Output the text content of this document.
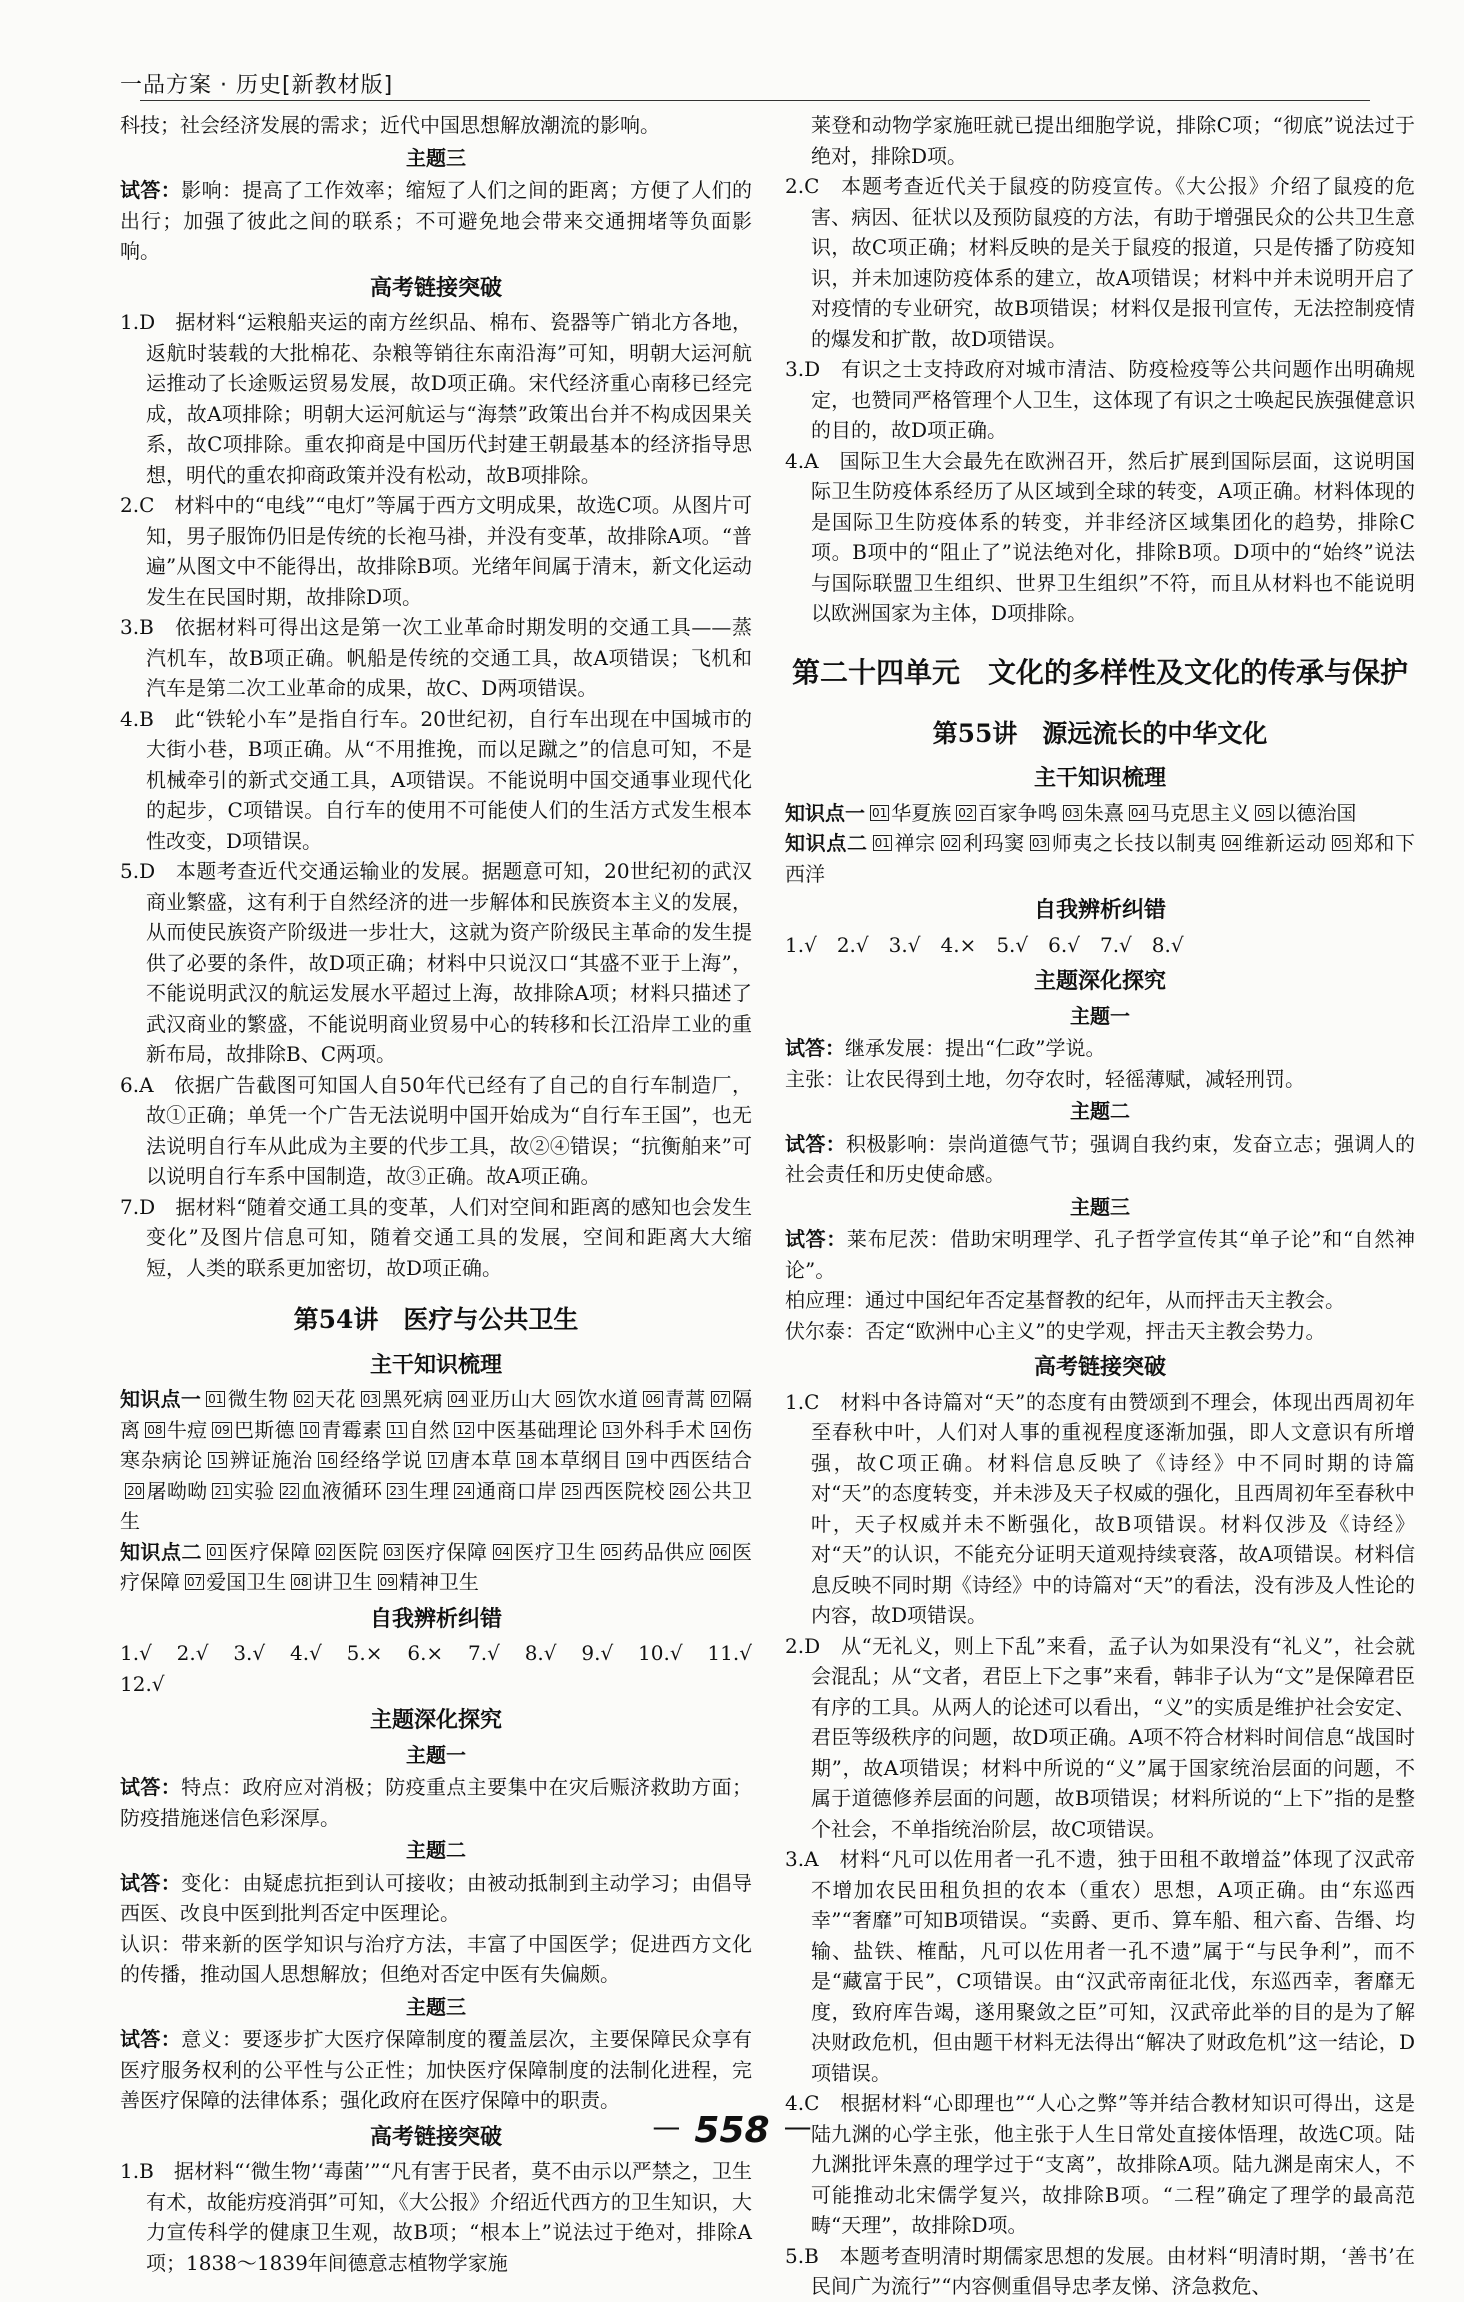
一品方案 · 历史[新教材版]

科技；社会经济发展的需求；近代中国思想解放潮流的影响。

主题三

试答：影响：提高了工作效率；缩短了人们之间的距离；方便了人们的出行；加强了彼此之间的联系；不可避免地会带来交通拥堵等负面影响。

高考链接突破

1.D　据材料“运粮船夹运的南方丝织品、棉布、瓷器等广销北方各地，返航时装载的大批棉花、杂粮等销往东南沿海”可知，明朝大运河航运推动了长途贩运贸易发展，故D项正确。宋代经济重心南移已经完成，故A项排除；明朝大运河航运与“海禁”政策出台并不构成因果关系，故C项排除。重农抑商是中国历代封建王朝最基本的经济指导思想，明代的重农抑商政策并没有松动，故B项排除。

2.C　材料中的“电线”“电灯”等属于西方文明成果，故选C项。从图片可知，男子服饰仍旧是传统的长袍马褂，并没有变革，故排除A项。“普遍”从图文中不能得出，故排除B项。光绪年间属于清末，新文化运动发生在民国时期，故排除D项。

3.B　依据材料可得出这是第一次工业革命时期发明的交通工具——蒸汽机车，故B项正确。帆船是传统的交通工具，故A项错误；飞机和汽车是第二次工业革命的成果，故C、D两项错误。

4.B　此“铁轮小车”是指自行车。20世纪初，自行车出现在中国城市的大街小巷，B项正确。从“不用推挽，而以足蹴之”的信息可知，不是机械牵引的新式交通工具，A项错误。不能说明中国交通事业现代化的起步，C项错误。自行车的使用不可能使人们的生活方式发生根本性改变，D项错误。

5.D　本题考查近代交通运输业的发展。据题意可知，20世纪初的武汉商业繁盛，这有利于自然经济的进一步解体和民族资本主义的发展，从而使民族资产阶级进一步壮大，这就为资产阶级民主革命的发生提供了必要的条件，故D项正确；材料中只说汉口“其盛不亚于上海”，不能说明武汉的航运发展水平超过上海，故排除A项；材料只描述了武汉商业的繁盛，不能说明商业贸易中心的转移和长江沿岸工业的重新布局，故排除B、C两项。

6.A　依据广告截图可知国人自50年代已经有了自己的自行车制造厂，故①正确；单凭一个广告无法说明中国开始成为“自行车王国”，也无法说明自行车从此成为主要的代步工具，故②④错误；“抗衡舶来”可以说明自行车系中国制造，故③正确。故A项正确。

7.D　据材料“随着交通工具的变革，人们对空间和距离的感知也会发生变化”及图片信息可知，随着交通工具的发展，空间和距离大大缩短，人类的联系更加密切，故D项正确。

第54讲　医疗与公共卫生
主干知识梳理

知识点一 01 微生物 02 天花 03 黑死病 04 亚历山大 05 饮水道 06 青蒿 07 隔离 08 牛痘 09 巴斯德 10 青霉素 11 自然 12 中医基础理论 13 外科手术 14 伤寒杂病论 15 辨证施治 16 经络学说 17 唐本草 18 本草纲目 19 中西医结合20 屠呦呦 21 实验 22 血液循环 23 生理 24 通商口岸 25 西医院校 26 公共卫生

知识点二 01 医疗保障 02 医院 03 医疗保障 04 医疗卫生 05 药品供应 06 医疗保障 07 爱国卫生 08 讲卫生 09 精神卫生

自我辨析纠错

1.√　2.√　3.√　4.√　5.×　6.×　7.√　8.√　9.√　10.√　11.√　12.√

主题深化探究
主题一

试答：特点：政府应对消极；防疫重点主要集中在灾后赈济救助方面；防疫措施迷信色彩深厚。

主题二

试答：变化：由疑虑抗拒到认可接收；由被动抵制到主动学习；由倡导西医、改良中医到批判否定中医理论。

认识：带来新的医学知识与治疗方法，丰富了中国医学；促进西方文化的传播，推动国人思想解放；但绝对否定中医有失偏颇。

主题三

试答：意义：要逐步扩大医疗保障制度的覆盖层次，主要保障民众享有医疗服务权利的公平性与公正性；加快医疗保障制度的法制化进程，完善医疗保障的法律体系；强化政府在医疗保障中的职责。

高考链接突破

1.B　据材料“‘微生物’‘毒菌’”“凡有害于民者，莫不由示以严禁之，卫生有术，故能疠疫消弭”可知，《大公报》介绍近代西方的卫生知识，大力宣传科学的健康卫生观，故B项；“根本上”说法过于绝对，排除A项；1838～1839年间德意志植物学家施

莱登和动物学家施旺就已提出细胞学说，排除C项；“彻底”说法过于绝对，排除D项。

2.C　本题考查近代关于鼠疫的防疫宣传。《大公报》介绍了鼠疫的危害、病因、征状以及预防鼠疫的方法，有助于增强民众的公共卫生意识，故C项正确；材料反映的是关于鼠疫的报道，只是传播了防疫知识，并未加速防疫体系的建立，故A项错误；材料中并未说明开启了对疫情的专业研究，故B项错误；材料仅是报刊宣传，无法控制疫情的爆发和扩散，故D项错误。

3.D　有识之士支持政府对城市清洁、防疫检疫等公共问题作出明确规定，也赞同严格管理个人卫生，这体现了有识之士唤起民族强健意识的目的，故D项正确。

4.A　国际卫生大会最先在欧洲召开，然后扩展到国际层面，这说明国际卫生防疫体系经历了从区域到全球的转变，A项正确。材料体现的是国际卫生防疫体系的转变，并非经济区域集团化的趋势，排除C项。B项中的“阻止了”说法绝对化，排除B项。D项中的“始终”说法与国际联盟卫生组织、世界卫生组织”不符，而且从材料也不能说明以欧洲国家为主体，D项排除。

第二十四单元　文化的多样性及文化的传承与保护
第55讲　源远流长的中华文化
主干知识梳理

知识点一 01 华夏族 02 百家争鸣 03 朱熹 04 马克思主义 05 以德治国

知识点二 01 禅宗 02 利玛窦 03 师夷之长技以制夷 04 维新运动 05 郑和下西洋

自我辨析纠错

1.√　2.√　3.√　4.×　5.√　6.√　7.√　8.√

主题深化探究
主题一

试答：继承发展：提出“仁政”学说。

主张：让农民得到土地，勿夺农时，轻徭薄赋，减轻刑罚。

主题二

试答：积极影响：崇尚道德气节；强调自我约束，发奋立志；强调人的社会责任和历史使命感。

主题三

试答：莱布尼茨：借助宋明理学、孔子哲学宣传其“单子论”和“自然神论”。

柏应理：通过中国纪年否定基督教的纪年，从而抨击天主教会。

伏尔泰：否定“欧洲中心主义”的史学观，抨击天主教会势力。

高考链接突破

1.C　材料中各诗篇对“天”的态度有由赞颂到不理会，体现出西周初年至春秋中叶，人们对人事的重视程度逐渐加强，即人文意识有所增强，故C项正确。材料信息反映了《诗经》中不同时期的诗篇对“天”的态度转变，并未涉及天子权威的强化，且西周初年至春秋中叶，天子权威并未不断强化，故B项错误。材料仅涉及《诗经》对“天”的认识，不能充分证明天道观持续衰落，故A项错误。材料信息反映不同时期《诗经》中的诗篇对“天”的看法，没有涉及人性论的内容，故D项错误。

2.D　从“无礼义，则上下乱”来看，孟子认为如果没有“礼义”，社会就会混乱；从“文者，君臣上下之事”来看，韩非子认为“文”是保障君臣有序的工具。从两人的论述可以看出，“义”的实质是维护社会安定、君臣等级秩序的问题，故D项正确。A项不符合材料时间信息“战国时期”，故A项错误；材料中所说的“义”属于国家统治层面的问题，不属于道德修养层面的问题，故B项错误；材料所说的“上下”指的是整个社会，不单指统治阶层，故C项错误。

3.A　材料“凡可以佐用者一孔不遗，独于田租不敢增益”体现了汉武帝不增加农民田租负担的农本（重农）思想，A项正确。由“东巡西幸”“奢靡”可知B项错误。“卖爵、更币、算车船、租六畜、告缗、均输、盐铁、榷酤，凡可以佐用者一孔不遗”属于“与民争利”，而不是“藏富于民”，C项错误。由“汉武帝南征北伐，东巡西幸，奢靡无度，致府库告竭，遂用聚敛之臣”可知，汉武帝此举的目的是为了解决财政危机，但由题干材料无法得出“解决了财政危机”这一结论，D项错误。

4.C　根据材料“心即理也”“人心之弊”等并结合教材知识可得出，这是陆九渊的心学主张，他主张于人生日常处直接体悟理，故选C项。陆九渊批评朱熹的理学过于“支离”，故排除A项。陆九渊是南宋人，不可能推动北宋儒学复兴，故排除B项。“二程”确定了理学的最高范畴“天理”，故排除D项。

5.B　本题考查明清时期儒家思想的发展。由材料“明清时期，‘善书’在民间广为流行”“内容侧重倡导忠孝友悌、济急救危、

— 558 —
